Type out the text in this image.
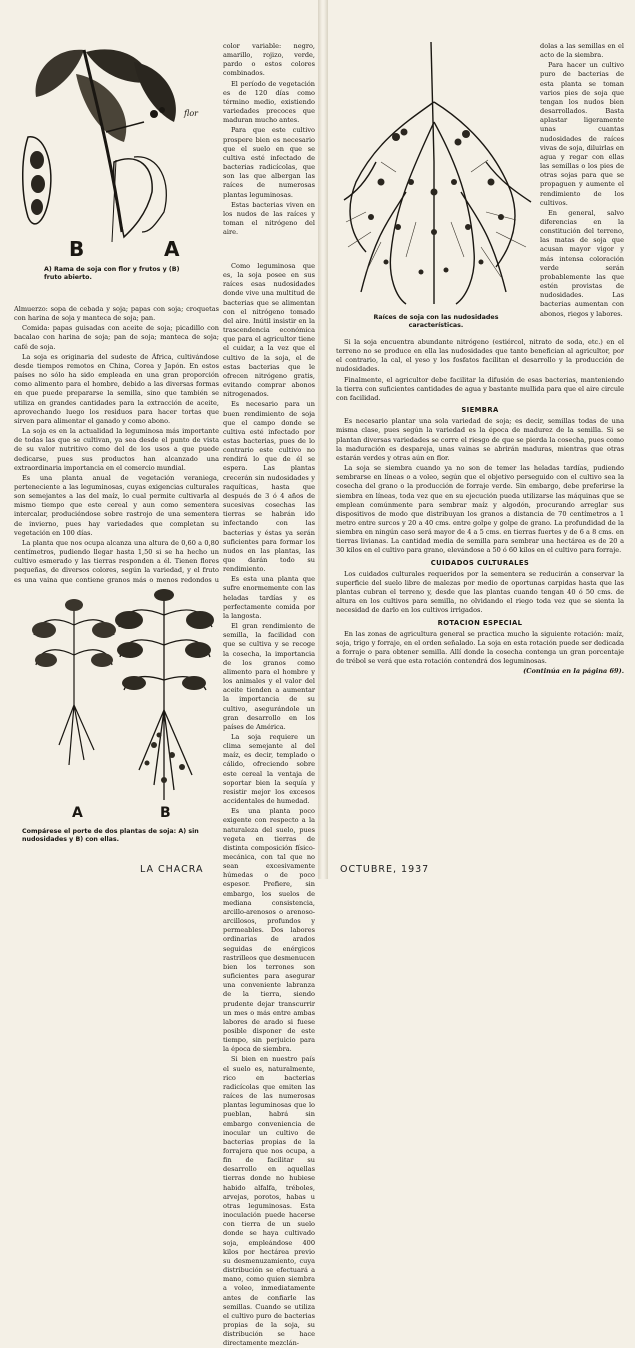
flor
B	A
A) Rama de soja con flor y frutos y (B) fruto abierto.

Almuerzo: sopa de cebada y soja; papas con soja; croquetas con harina de soja y manteca de soja; pan.

Comida: papas guisadas con aceite de soja; picadillo con bacalao con harina de soja; pan de soja; manteca de soja; café de soja.

La soja es originaria del sudeste de África, cultivándose desde tiempos remotos en China, Corea y Japón. En estos países no sólo ha sido empleada en una gran proporción como alimento para el hombre, debido a las diversas formas en que puede prepararse la semilla, sino que también se utiliza en grandes cantidades para la extracción de aceite, aprovechando luego los residuos para hacer tortas que sirven para alimentar el ganado y como abono.

La soja es en la actualidad la leguminosa más importante de todas las que se cultivan, ya sea desde el punto de vista de su valor nutritivo como del de los usos a que puede dedicarse, pues sus productos han alcanzado una extraordinaria importancia en el comercio mundial.

Es una planta anual de vegetación veraniega, perteneciente a las leguminosas, cuyas exigencias culturales son semejantes a las del maíz, lo cual permite cultivarla al mismo tiempo que este cereal y aun como sementera intercalar, produciéndose sobre rastrojo de una sementera de invierno, pues hay variedades que completan su vegetación en 100 días.

La planta que nos ocupa alcanza una altura de 0,60 a 0,80 centímetros, pudiendo llegar hasta 1,50 si se ha hecho un cultivo esmerado y las tierras responden a él. Tienen flores pequeñas, de diversos colores, según la variedad, y el fruto es una vaina que contiene granos más o menos redondos u

A	B
Compárese el porte de dos plantas de soja: A) sin nudosidades y B) con ellas.

color variable: negro, amarillo, rojizo, verde, pardo o estos colores combinados.

El período de vegetación es de 120 días como término medio, existiendo variedades precoces que maduran mucho antes.

Para que este cultivo prospere bien es necesario que el suelo en que se cultiva esté infectado de bacterias radicícolas, que son las que albergan las raíces de numerosas plantas leguminosas.

Estas bacterias viven en los nudos de las raíces y toman el nitrógeno del aire.

Como leguminosa que es, la soja posee en sus raíces esas nudosidades donde vive una multitud de bacterias que se alimentan con el nitrógeno tomado del aire. Inútil insistir en la trascendencia económica que para el agricultor tiene el cuidar, a la vez que el cultivo de la soja, el de estas bacterias que le ofrecen nitrógeno gratis, evitando comprar abonos nitrogenados.

Es necesario para un buen rendimiento de soja que el campo donde se cultiva esté infectado por estas bacterias, pues de lo contrario este cultivo no rendirá lo que de él se espera. Las plantas crecerán sin nudosidades y raquíticas, hasta que después de 3 ó 4 años de sucesivas cosechas las tierras se habrán ido infectando con las bacterias y éstas ya serán suficientes para formar los nudos en las plantas, las que darán todo su rendimiento.

Es esta una planta que sufre enormemente con las heladas tardías y es perfectamente comida por la langosta.

El gran rendimiento de semilla, la facilidad con que se cultiva y se recoge la cosecha, la importancia de los granos como alimento para el hombre y los animales y el valor del aceite tienden a aumentar la importancia de su cultivo, asegurándole un gran desarrollo en los países de América.

La soja requiere un clima semejante al del maíz, es decir, templado o cálido, ofreciendo sobre este cereal la ventaja de soportar bien la sequía y resistir mejor los excesos accidentales de humedad.

Es una planta poco exigente con respecto a la naturaleza del suelo, pues vegeta en tierras de distinta composición físico-mecánica, con tal que no sean excesivamente húmedas o de poco espesor. Prefiere, sin embargo, los suelos de mediana consistencia, arcillo-arenosos o arenoso-arcillosos, profundos y permeables. Dos labores ordinarias de arados seguidas de enérgicos rastrilleos que desmenucen bien los terrones son suficientes para asegurar una conveniente labranza de la tierra, siendo prudente dejar transcurrir un mes o más entre ambas labores de arado si fuese posible disponer de este tiempo, sin perjuicio para la época de siembra.

Si bien en nuestro país el suelo es, naturalmente, rico en bacterias radicícolas que emiten las raíces de las numerosas plantas leguminosas que lo pueblan, habrá sin embargo conveniencia de inocular un cultivo de bacterias propias de la forrajera que nos ocupa, a fin de facilitar su desarrollo en aquellas tierras donde no hubiese habido alfalfa, tréboles, arvejas, porotos, habas u otras leguminosas. Esta inoculación puede hacerse con tierra de un suelo donde se haya cultivado soja, empleándose 400 kilos por hectárea previo su desmenuzamiento, cuya distribución se efectuará a mano, como quien siembra a voleo, inmediatamente antes de confiarle las semillas. Cuando se utiliza el cultivo puro de bacterias propias de la soja, su distribución se hace directamente mezclán-

LA CHACRA
Raíces de soja con las nudosidades características.

dolas a las semillas en el acto de la siembra.

Para hacer un cultivo puro de bacterias de esta planta se toman varios pies de soja que tengan los nudos bien desarrollados. Basta aplastar ligeramente unas cuantas nudosidades de raíces vivas de soja, diluirlas en agua y regar con ellas las semillas o los pies de otras sojas para que se propaguen y aumente el rendimiento de los cultivos.

En general, salvo diferencias en la constitución del terreno, las matas de soja que acusan mayor vigor y más intensa coloración verde serán probablemente las que estén provistas de nudosidades. Las bacterias aumentan con abonos, riegos y labores.

Si la soja encuentra abundante nitrógeno (estiércol, nitrato de soda, etc.) en el terreno no se produce en ella las nudosidades que tanto benefician al agricultor, por el contrario, la cal, el yeso y los fosfatos facilitan el desarrollo y la producción de nudosidades.

Finalmente, el agricultor debe facilitar la difusión de esas bacterias, manteniendo la tierra con suficientes cantidades de agua y bastante mullida para que el aire circule con facilidad.

SIEMBRA

Es necesario plantar una sola variedad de soja; es decir, semillas todas de una misma clase, pues según la variedad es la época de madurez de la semilla. Si se plantan diversas variedades se corre el riesgo de que se pierda la cosecha, pues como la maduración es despareja, unas vainas se abrirán maduras, mientras que otras estarán verdes y otras aún en flor.

La soja se siembra cuando ya no son de temer las heladas tardías, pudiendo sembrarse en líneas o a voleo, según que el objetivo perseguido con el cultivo sea la cosecha del grano o la producción de forraje verde. Sin embargo, debe preferirse la siembra en líneas, toda vez que en su ejecución pueda utilizarse las máquinas que se emplean comúnmente para sembrar maíz y algodón, procurando arreglar sus dispositivos de modo que distribuyan los granos a distancia de 70 centímetros a 1 metro entre surcos y 20 a 40 cms. entre golpe y golpe de grano. La profundidad de la siembra en ningún caso será mayor de 4 a 5 cms. en tierras fuertes y de 6 a 8 cms. en tierras livianas. La cantidad media de semilla para sembrar una hectárea es de 20 a 30 kilos en el cultivo para grano, elevándose a 50 ó 60 kilos en el cultivo para forraje.

CUIDADOS CULTURALES

Los cuidados culturales requeridos por la sementera se reducirán a conservar la superficie del suelo libre de malezas por medio de oportunas carpidas hasta que las plantas cubran el terreno y, desde que las plantas cuando tengan 40 ó 50 cms. de altura en los cultivos para semilla, no olvidando el riego toda vez que se sienta la necesidad de darlo en los cultivos irrigados.

ROTACION ESPECIAL

En las zonas de agricultura general se practica mucho la siguiente rotación: maíz, soja, trigo y forraje, en el orden señalado. La soja en esta rotación puede ser dedicada a forraje o para obtener semilla. Allí donde la cosecha contenga un gran porcentaje de trébol se verá que esta rotación contendrá dos leguminosas.

(Continúa en la página 69).

OCTUBRE, 1937
